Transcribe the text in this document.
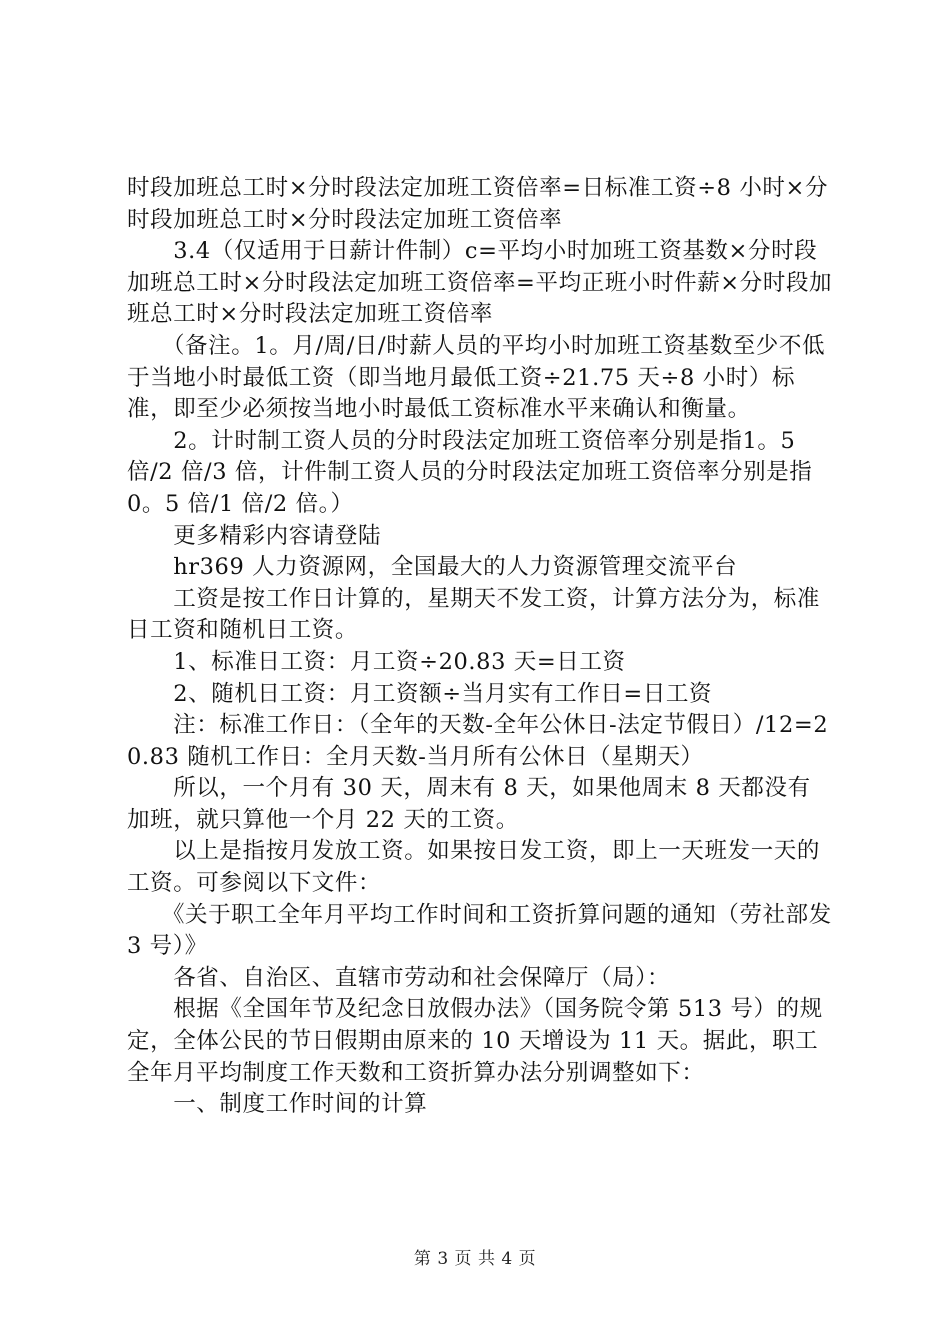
时段加班总工时×分时段法定加班工资倍率=日标准工资÷8 小时×分时段加班总工时×分时段法定加班工资倍率

　　3.4（仅适用于日薪计件制）c=平均小时加班工资基数×分时段加班总工时×分时段法定加班工资倍率=平均正班小时件薪×分时段加班总工时×分时段法定加班工资倍率

　　（备注。1。月/周/日/时薪人员的平均小时加班工资基数至少不低于当地小时最低工资（即当地月最低工资÷21.75 天÷8 小时）标准，即至少必须按当地小时最低工资标准水平来确认和衡量。

　　2。计时制工资人员的分时段法定加班工资倍率分别是指1。5 倍/2 倍/3 倍，计件制工资人员的分时段法定加班工资倍率分别是指 0。5 倍/1 倍/2 倍。）

　　更多精彩内容请登陆

　　hr369 人力资源网，全国最大的人力资源管理交流平台

　　工资是按工作日计算的，星期天不发工资，计算方法分为，标准日工资和随机日工资。

　　1、标准日工资：月工资÷20.83 天=日工资

　　2、随机日工资：月工资额÷当月实有工作日=日工资

　　注：标准工作日：（全年的天数-全年公休日-法定节假日）/12=20.83 随机工作日：全月天数-当月所有公休日（星期天）

　　所以，一个月有 30 天，周末有 8 天，如果他周末 8 天都没有加班，就只算他一个月 22 天的工资。

　　以上是指按月发放工资。如果按日发工资，即上一天班发一天的工资。可参阅以下文件：

　　《关于职工全年月平均工作时间和工资折算问题的通知（劳社部发 3 号）》

　　各省、自治区、直辖市劳动和社会保障厅（局）：

　　根据《全国年节及纪念日放假办法》（国务院令第 513 号）的规定，全体公民的节日假期由原来的 10 天增设为 11 天。据此，职工全年月平均制度工作天数和工资折算办法分别调整如下：

　　一、制度工作时间的计算

第 3 页 共 4 页
